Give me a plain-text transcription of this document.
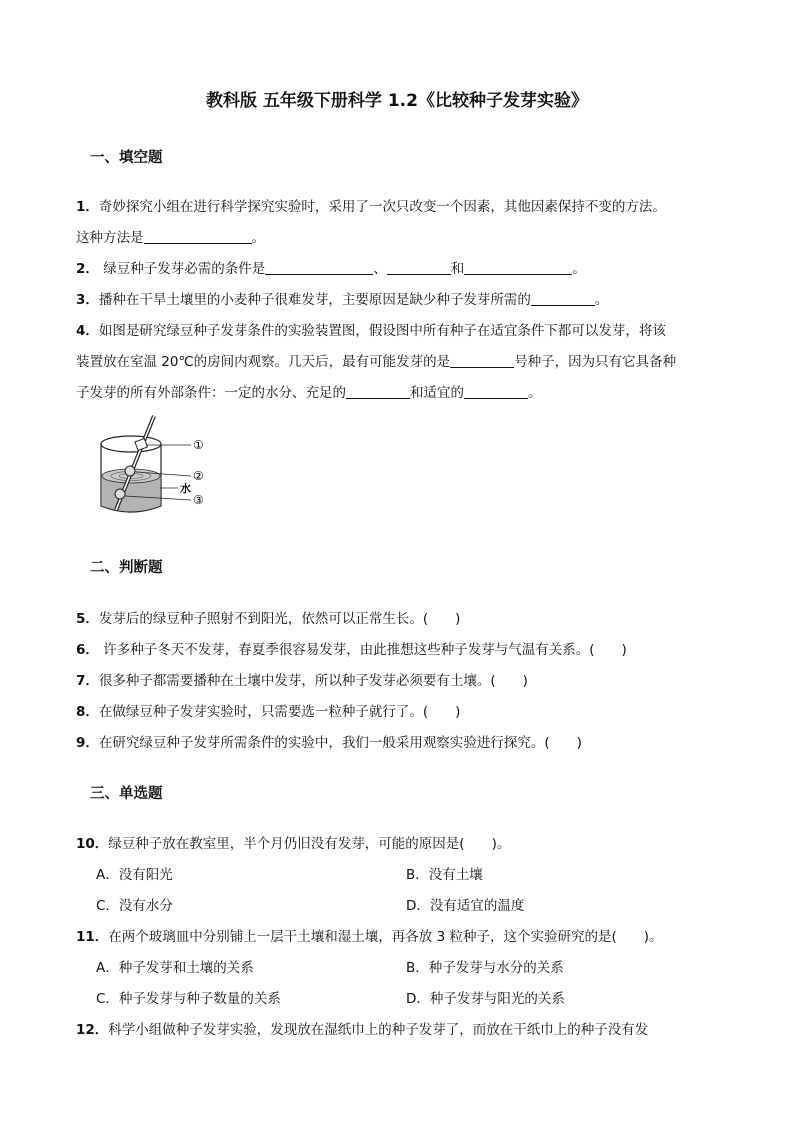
教科版 五年级下册科学 1.2《比较种子发芽实验》
一、填空题
1．奇妙探究小组在进行科学探究实验时，采用了一次只改变一个因素，其他因素保持不变的方法。
这种方法是	。
2． 绿豆种子发芽必需的条件是	、	和	。
3．播种在干旱土壤里的小麦种子很难发芽，主要原因是缺少种子发芽所需的	。
4．如图是研究绿豆种子发芽条件的实验装置图，假设图中所有种子在适宜条件下都可以发芽，将该
装置放在室温 20℃的房间内观察。几天后，最有可能发芽的是	号种子，因为只有它具备种
子发芽的所有外部条件：一定的水分、充足的	和适宜的	。
①
②
水
③
二、判断题
5．发芽后的绿豆种子照射不到阳光，依然可以正常生长。(　　)
6． 许多种子冬天不发芽，春夏季很容易发芽，由此推想这些种子发芽与气温有关系。(　　)
7．很多种子都需要播种在土壤中发芽，所以种子发芽必须要有土壤。(　　)
8．在做绿豆种子发芽实验时，只需要选一粒种子就行了。(　　)
9．在研究绿豆种子发芽所需条件的实验中，我们一般采用观察实验进行探究。(　　)
三、单选题
10．绿豆种子放在教室里，半个月仍旧没有发芽，可能的原因是(　　)。
A．没有阳光	B．没有土壤
C．没有水分	D．没有适宜的温度
11．在两个玻璃皿中分别铺上一层干土壤和湿土壤，再各放 3 粒种子，这个实验研究的是(　　)。
A．种子发芽和土壤的关系	B．种子发芽与水分的关系
C．种子发芽与种子数量的关系	D．种子发芽与阳光的关系
12．科学小组做种子发芽实验，发现放在湿纸巾上的种子发芽了，而放在干纸巾上的种子没有发
